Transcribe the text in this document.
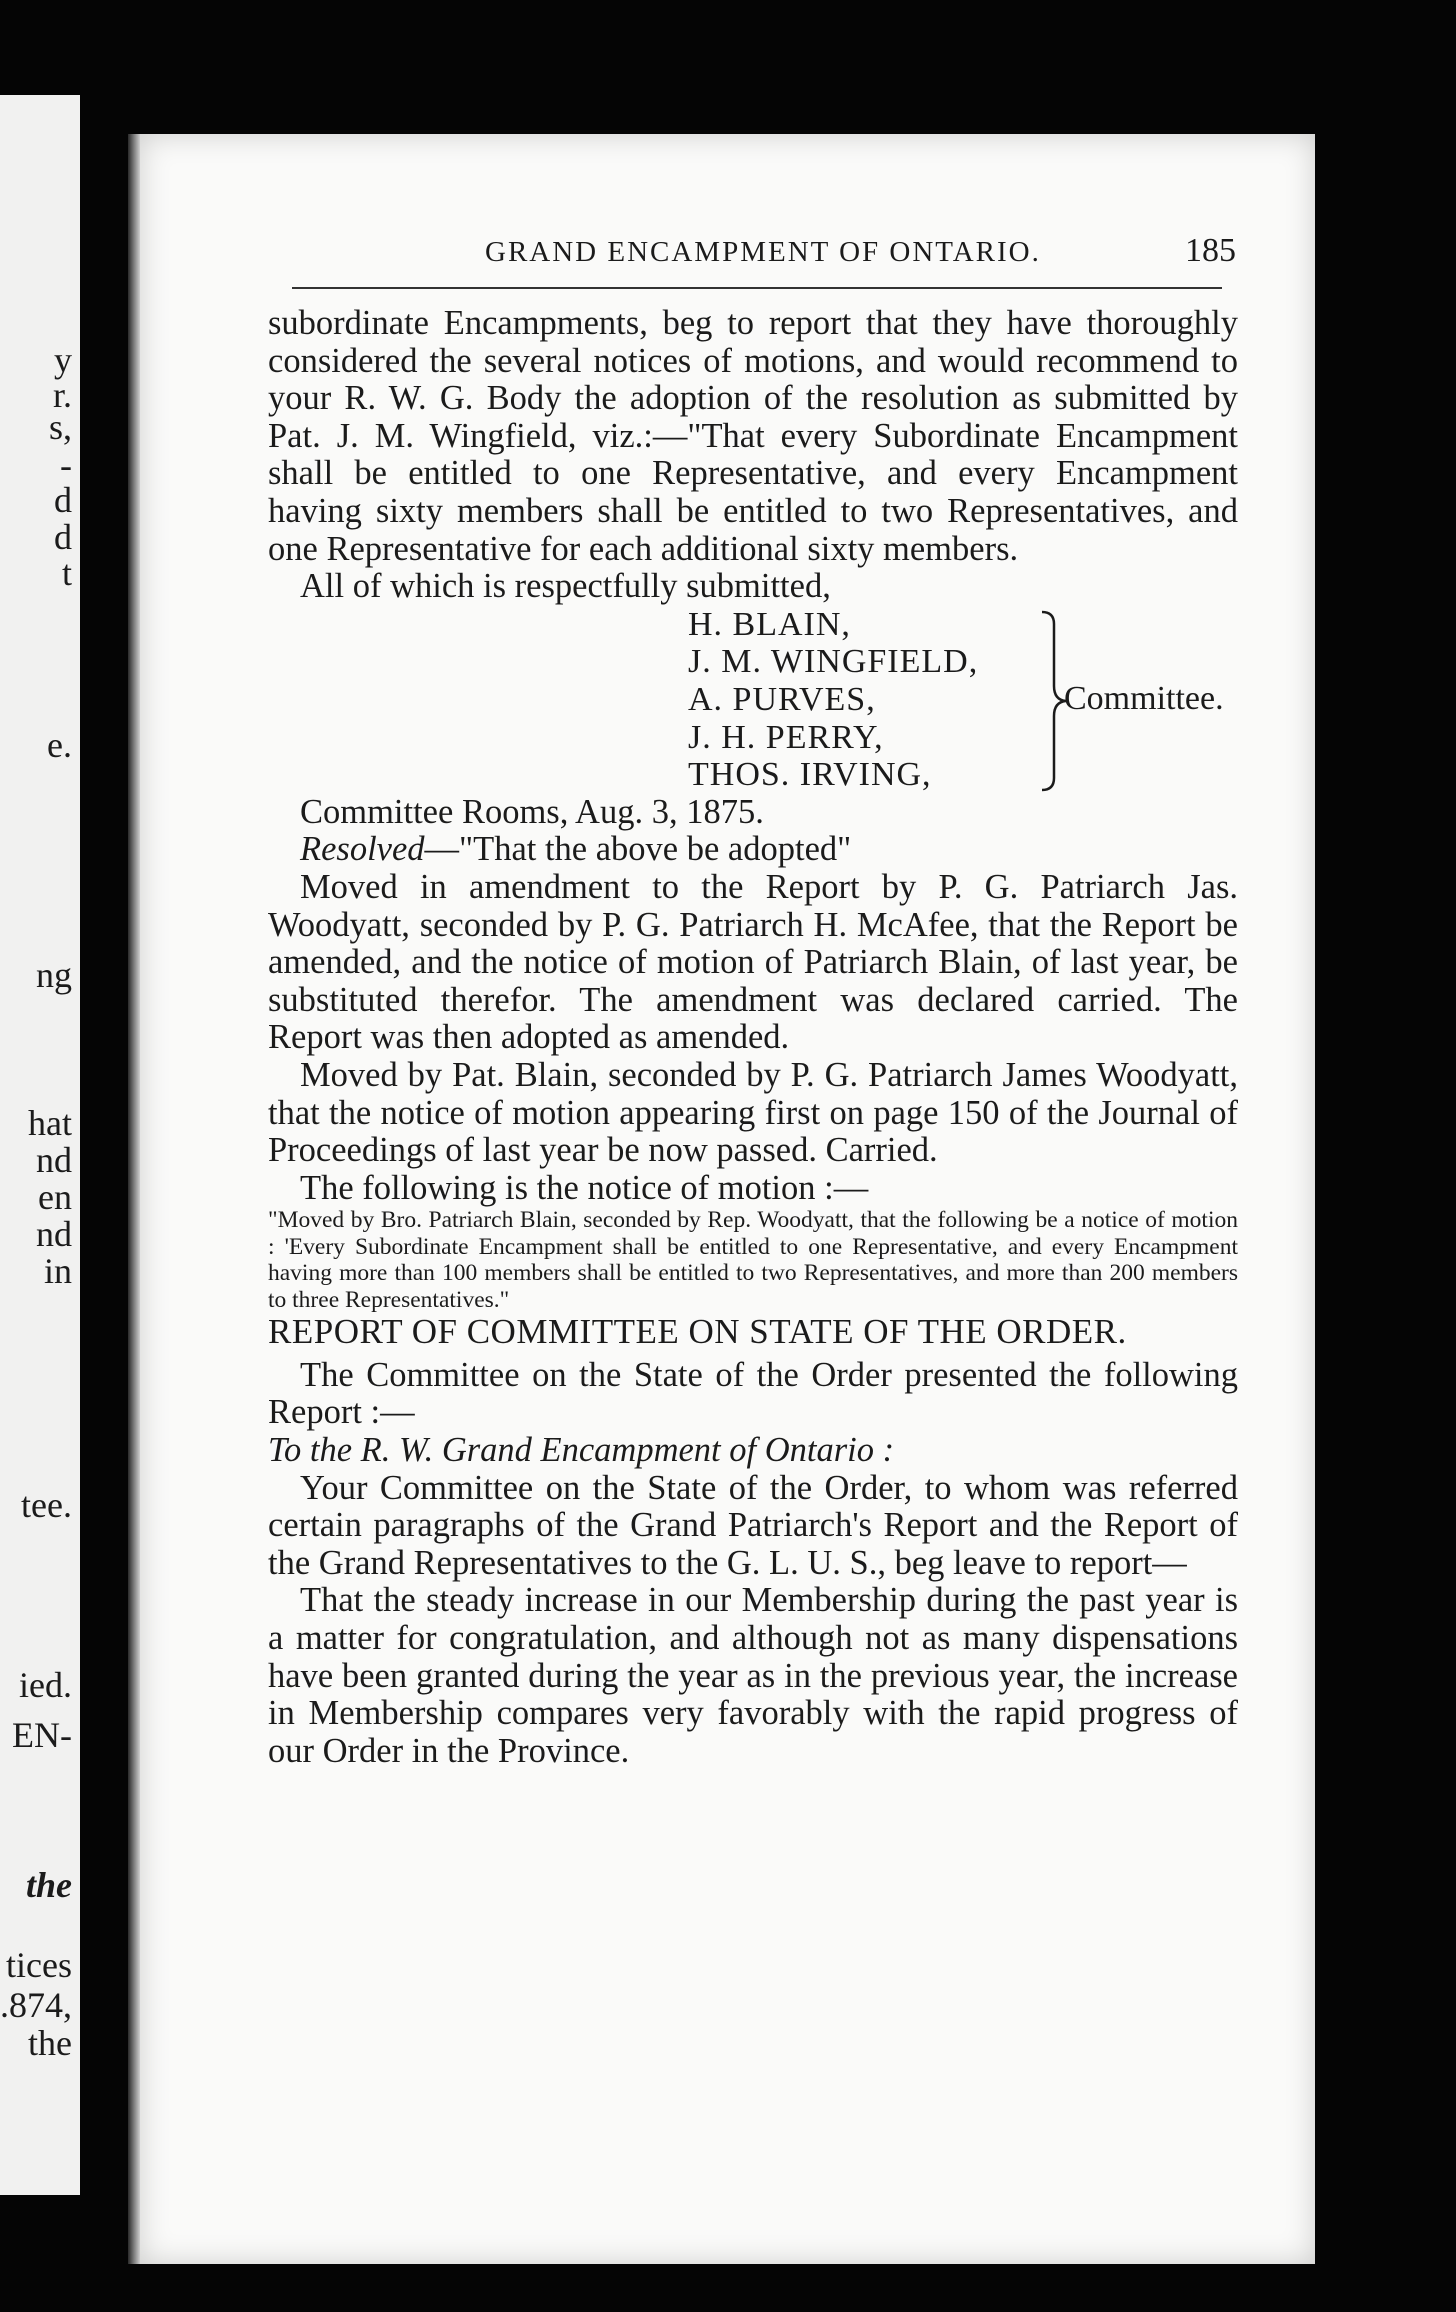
y

r.

s,

-

d

d

t

e.

ng

hat

nd

en

nd

in

tee.

ied.

EN-

the

tices

.874,

the

GRAND ENCAMPMENT OF ONTARIO.	185

subordinate Encampments, beg to report that they have thoroughly considered the several notices of motions, and would recommend to your R. W. G. Body the adoption of the resolution as submitted by Pat. J. M. Wingfield, viz.:—"That every Subordinate Encampment shall be entitled to one Representative, and every Encampment having sixty members shall be entitled to two Representatives, and one Representative for each additional sixty members.

All of which is respectfully submitted,

H. BLAIN,

J. M. WINGFIELD,

A. PURVES,

J. H. PERRY,

THOS. IRVING,

Committee.

Committee Rooms, Aug. 3, 1875.

Resolved—"That the above be adopted"

Moved in amendment to the Report by P. G. Patriarch Jas. Woodyatt, seconded by P. G. Patriarch H. McAfee, that the Report be amended, and the notice of motion of Patriarch Blain, of last year, be substituted therefor. The amendment was declared carried. The Report was then adopted as amended.

Moved by Pat. Blain, seconded by P. G. Patriarch James Woodyatt, that the notice of motion appearing first on page 150 of the Journal of Proceedings of last year be now passed. Carried.

The following is the notice of motion :—

"Moved by Bro. Patriarch Blain, seconded by Rep. Woodyatt, that the following be a notice of motion : 'Every Subordinate Encampment shall be entitled to one Representative, and every Encampment having more than 100 members shall be entitled to two Representatives, and more than 200 members to three Representatives."

REPORT OF COMMITTEE ON STATE OF THE ORDER.

The Committee on the State of the Order presented the following Report :—

To the R. W. Grand Encampment of Ontario :

Your Committee on the State of the Order, to whom was referred certain paragraphs of the Grand Patriarch's Report and the Report of the Grand Representatives to the G. L. U. S., beg leave to report—

That the steady increase in our Membership during the past year is a matter for congratulation, and although not as many dispensations have been granted during the year as in the previous year, the increase in Membership compares very favorably with the rapid progress of our Order in the Province.
